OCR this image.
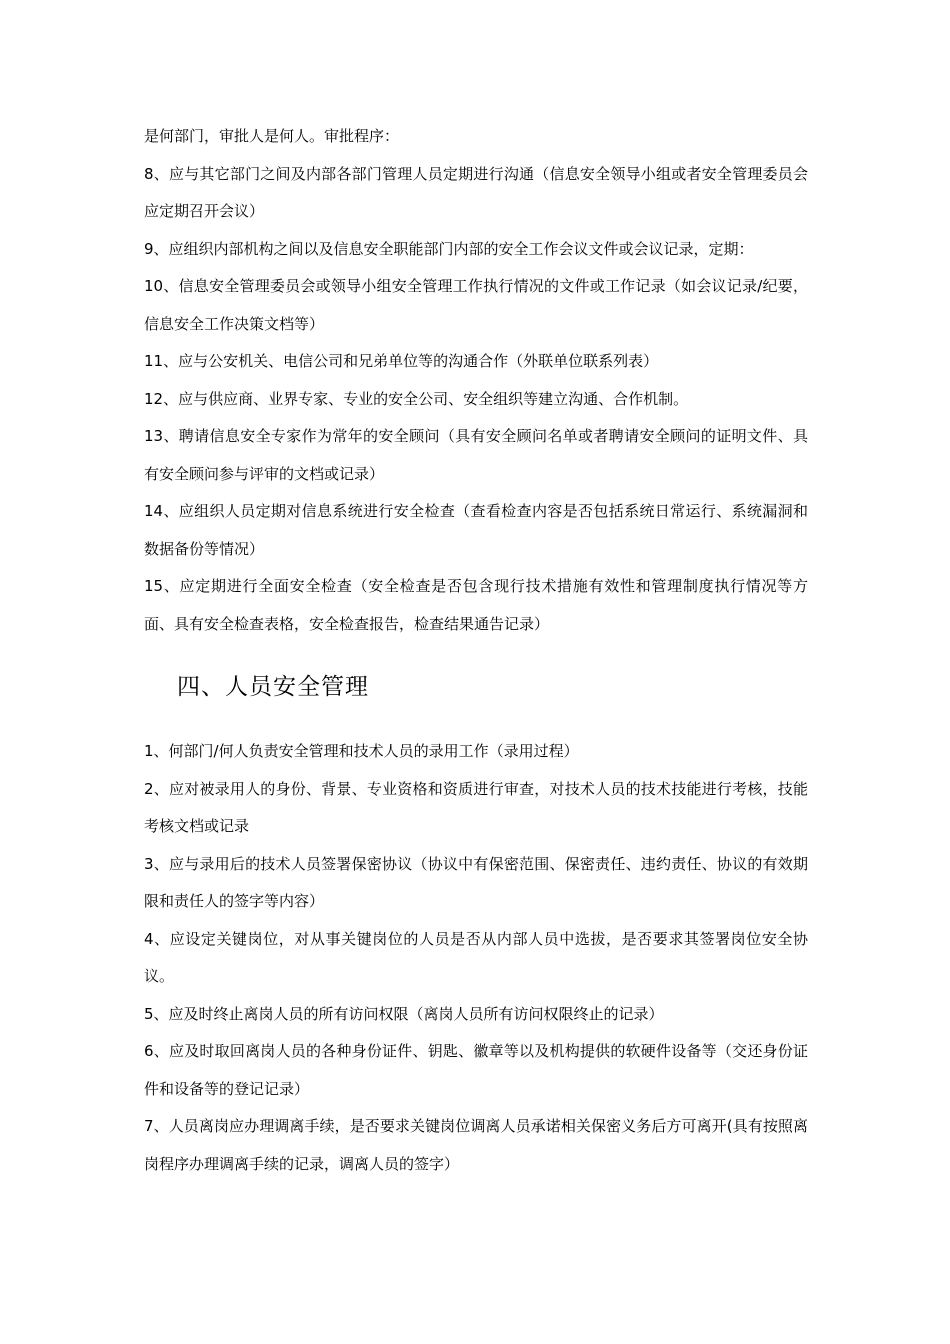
是何部门，审批人是何人。审批程序：

8、应与其它部门之间及内部各部门管理人员定期进行沟通（信息安全领导小组或者安全管理委员会应定期召开会议）

9、应组织内部机构之间以及信息安全职能部门内部的安全工作会议文件或会议记录，定期：

10、信息安全管理委员会或领导小组安全管理工作执行情况的文件或工作记录（如会议记录/纪要，信息安全工作决策文档等）

11、应与公安机关、电信公司和兄弟单位等的沟通合作（外联单位联系列表）

12、应与供应商、业界专家、专业的安全公司、安全组织等建立沟通、合作机制。

13、聘请信息安全专家作为常年的安全顾问（具有安全顾问名单或者聘请安全顾问的证明文件、具有安全顾问参与评审的文档或记录）

14、应组织人员定期对信息系统进行安全检查（查看检查内容是否包括系统日常运行、系统漏洞和数据备份等情况）

15、应定期进行全面安全检查（安全检查是否包含现行技术措施有效性和管理制度执行情况等方面、具有安全检查表格，安全检查报告，检查结果通告记录）

四、人员安全管理

1、何部门/何人负责安全管理和技术人员的录用工作（录用过程）

2、应对被录用人的身份、背景、专业资格和资质进行审查，对技术人员的技术技能进行考核，技能考核文档或记录

3、应与录用后的技术人员签署保密协议（协议中有保密范围、保密责任、违约责任、协议的有效期限和责任人的签字等内容）

4、应设定关键岗位，对从事关键岗位的人员是否从内部人员中选拔，是否要求其签署岗位安全协议。

5、应及时终止离岗人员的所有访问权限（离岗人员所有访问权限终止的记录）

6、应及时取回离岗人员的各种身份证件、钥匙、徽章等以及机构提供的软硬件设备等（交还身份证件和设备等的登记记录）

7、人员离岗应办理调离手续，是否要求关键岗位调离人员承诺相关保密义务后方可离开(具有按照离岗程序办理调离手续的记录，调离人员的签字）
